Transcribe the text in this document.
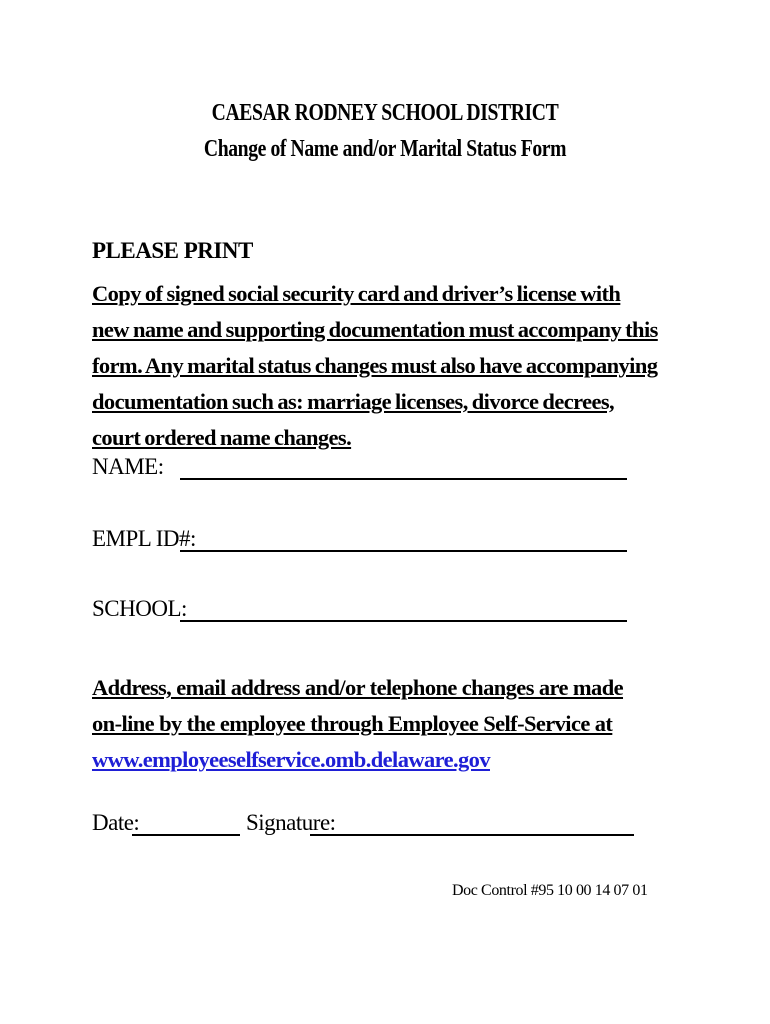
CAESAR RODNEY SCHOOL DISTRICT
Change of Name and/or Marital Status Form
PLEASE PRINT
Copy of signed social security card and driver’s license with new name and supporting documentation must accompany this form. Any marital status changes must also have accompanying documentation such as: marriage licenses, divorce decrees, court ordered name changes.
NAME:
EMPL ID#:
SCHOOL:
Address, email address and/or telephone changes are made on-line by the employee through Employee Self-Service at www.employeeselfservice.omb.delaware.gov
Date:	Signature:
Doc Control #95 10 00 14 07 01
